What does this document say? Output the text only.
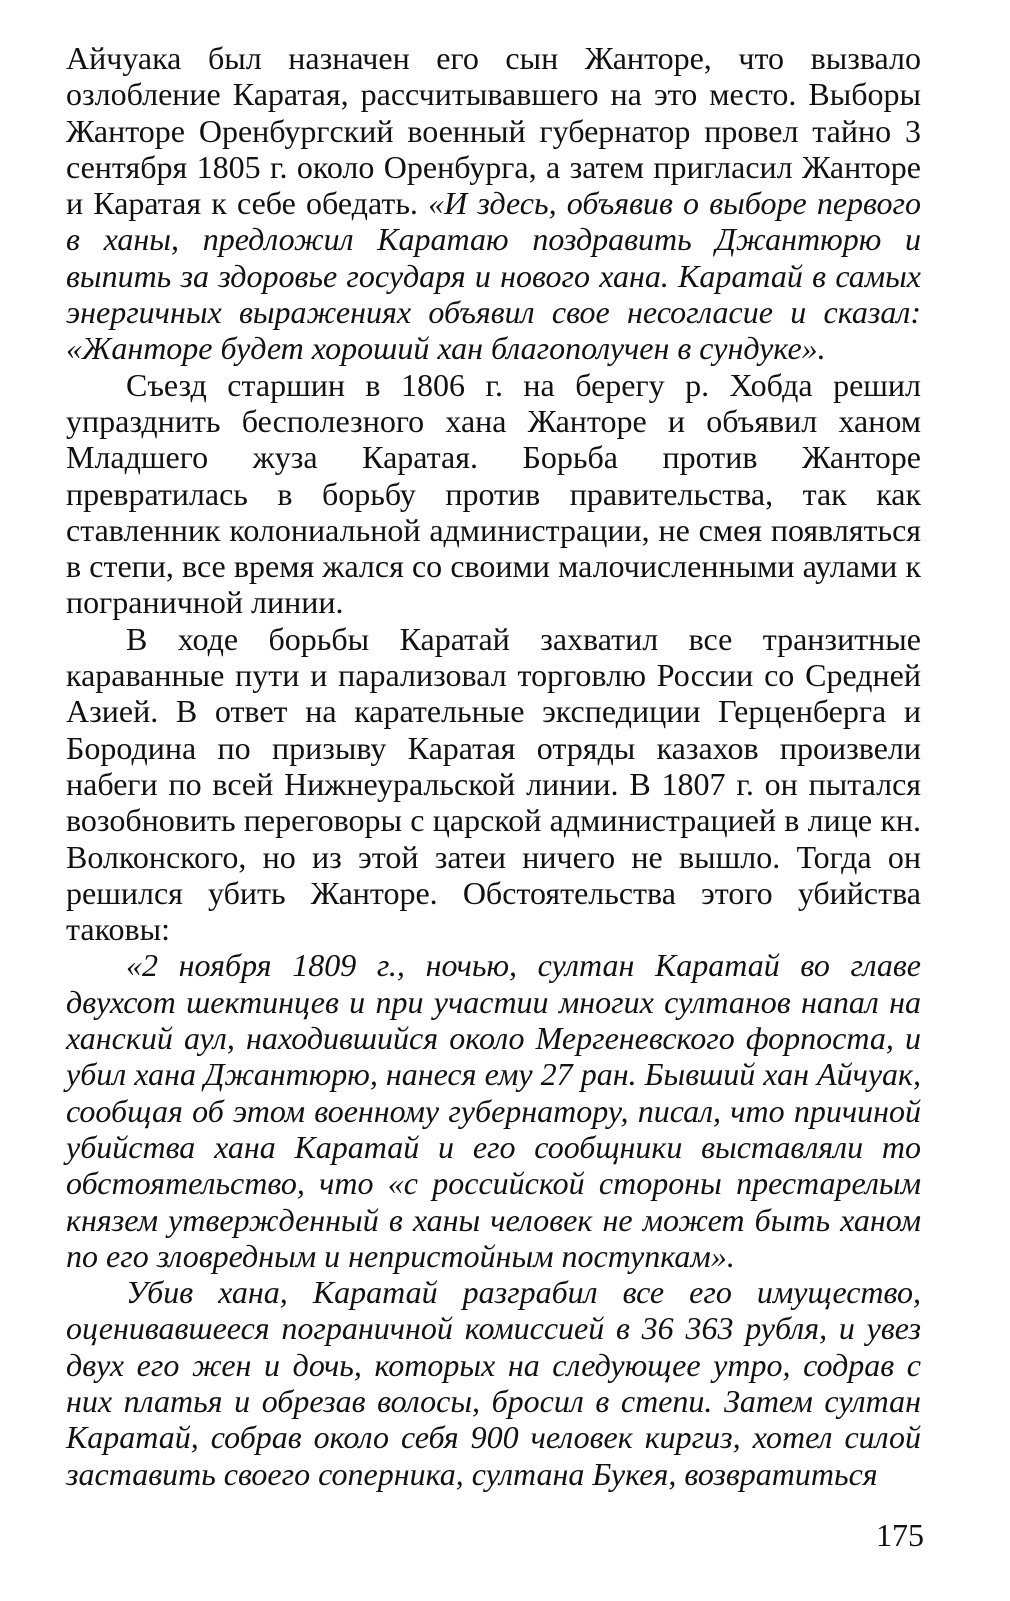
Айчуака был назначен его сын Жанторе, что вызвало озлобление Каратая, рассчитывавшего на это место. Выборы Жанторе Оренбургский военный губернатор провел тайно 3 сентября 1805 г. около Оренбурга, а затем пригласил Жанторе и Каратая к себе обедать. «И здесь, объявив о выборе первого в ханы, предложил Каратаю поздравить Джантюрю и выпить за здоровье государя и нового хана. Каратай в самых энергичных выражениях объявил свое несогласие и сказал: «Жанторе будет хороший хан благополучен в сундуке».

Съезд старшин в 1806 г. на берегу р. Хобда решил упразднить бесполезного хана Жанторе и объявил ханом Младшего жуза Каратая. Борьба против Жанторе превратилась в борьбу против правительства, так как ставленник колониальной администрации, не смея появляться в степи, все время жался со своими малочисленными аулами к пограничной линии.

В ходе борьбы Каратай захватил все транзитные караванные пути и парализовал торговлю России со Средней Азией. В ответ на карательные экспедиции Герценберга и Бородина по призыву Каратая отряды казахов произвели набеги по всей Нижнеуральской линии. В 1807 г. он пытался возобновить переговоры с царской администрацией в лице кн. Волконского, но из этой затеи ничего не вышло. Тогда он решился убить Жанторе. Обстоятельства этого убийства таковы:

«2 ноября 1809 г., ночью, султан Каратай во главе двухсот шектинцев и при участии многих султанов напал на ханский аул, находившийся около Мергеневского форпоста, и убил хана Джантюрю, нанеся ему 27 ран. Бывший хан Айчуак, сообщая об этом военному губернатору, писал, что причиной убийства хана Каратай и его сообщники выставляли то обстоятельство, что «с российской стороны престарелым князем утвержденный в ханы человек не может быть ханом по его зловредным и непристойным поступкам».

Убив хана, Каратай разграбил все его имущество, оценивавшееся пограничной комиссией в 36 363 рубля, и увез двух его жен и дочь, которых на следующее утро, содрав с них платья и обрезав волосы, бросил в степи. Затем султан Каратай, собрав около себя 900 человек киргиз, хотел силой заставить своего соперника, султана Букея, возвратиться

175
